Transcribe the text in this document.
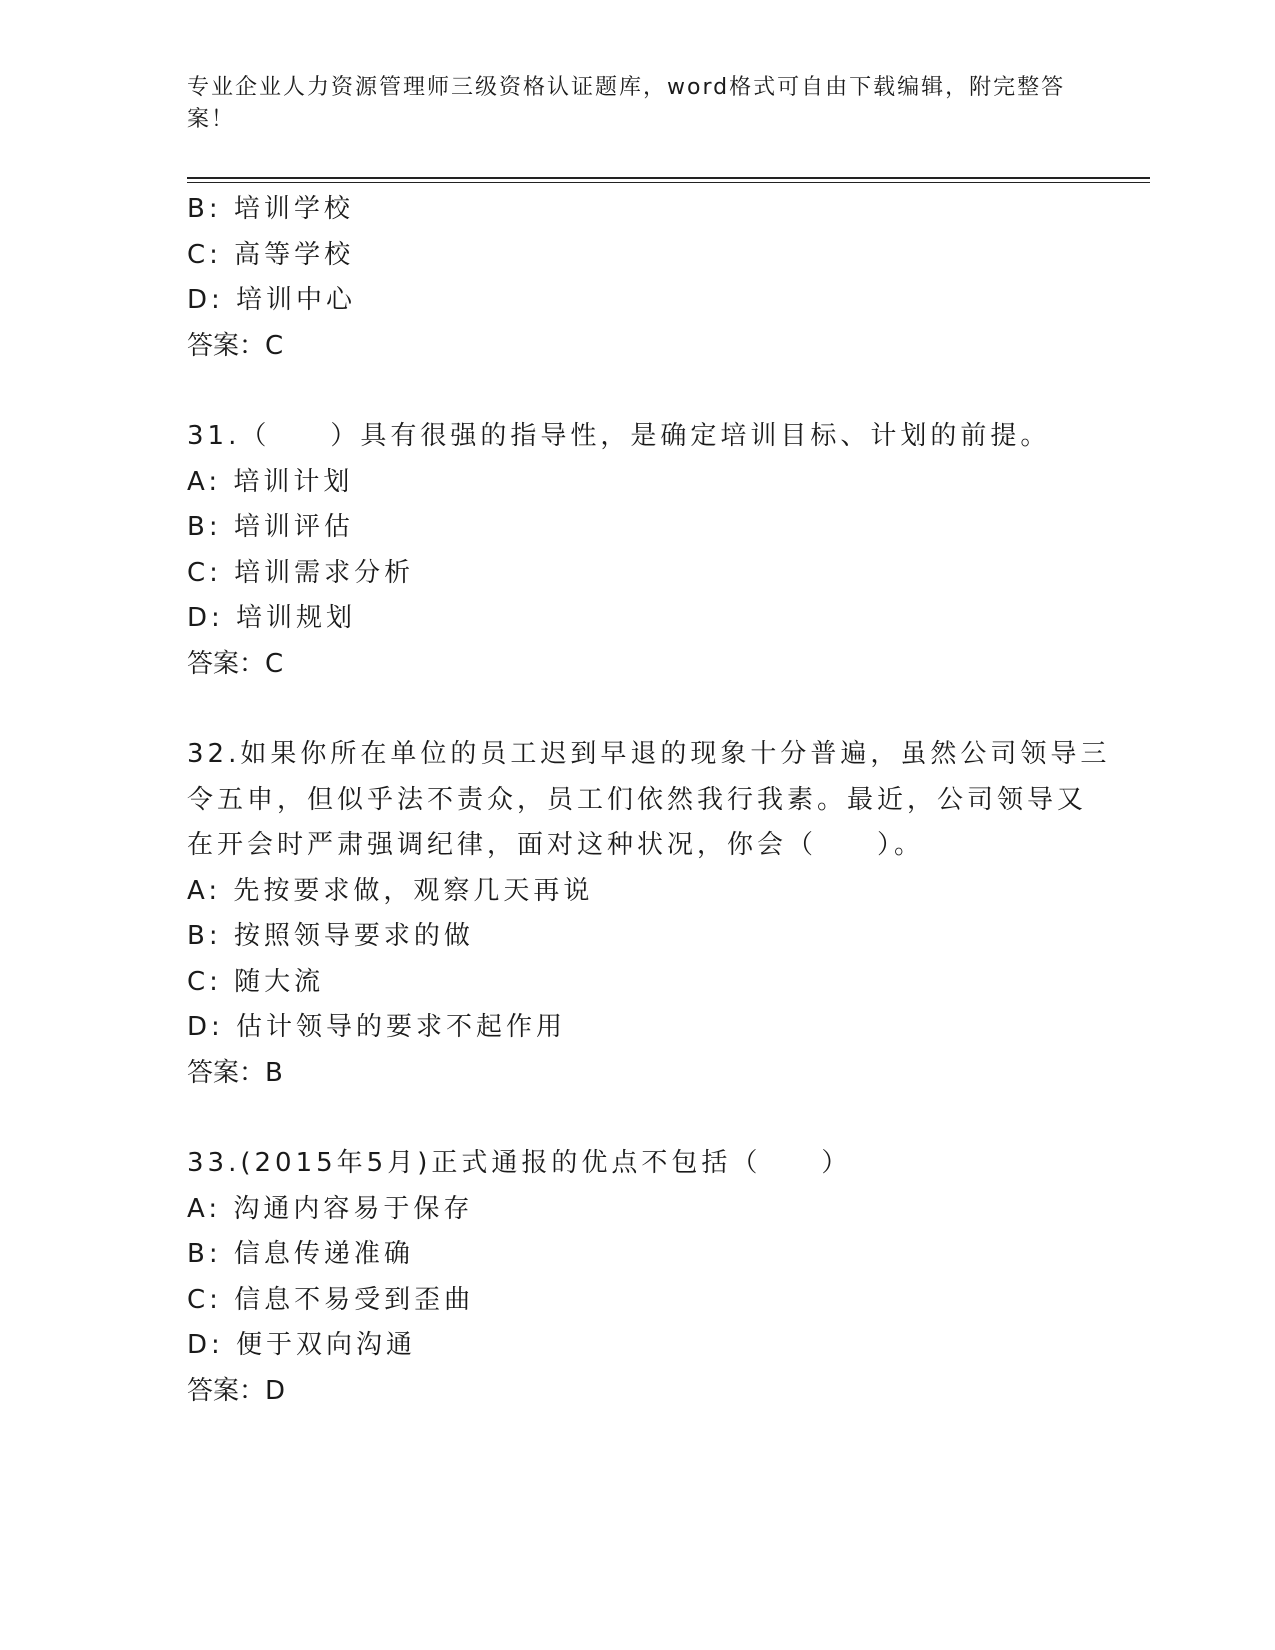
专业企业人力资源管理师三级资格认证题库，word格式可自由下载编辑，附完整答案！
B: 培训学校
C: 高等学校
D: 培训中心
答案：C
31.（　　）具有很强的指导性，是确定培训目标、计划的前提。
A: 培训计划
B: 培训评估
C: 培训需求分析
D: 培训规划
答案：C
32.如果你所在单位的员工迟到早退的现象十分普遍，虽然公司领导三
令五申，但似乎法不责众，员工们依然我行我素。最近，公司领导又
在开会时严肃强调纪律，面对这种状况，你会（　　）。
A: 先按要求做，观察几天再说
B: 按照领导要求的做
C: 随大流
D: 估计领导的要求不起作用
答案：B
33.(2015年5月)正式通报的优点不包括（　　）
A: 沟通内容易于保存
B: 信息传递准确
C: 信息不易受到歪曲
D: 便于双向沟通
答案：D
